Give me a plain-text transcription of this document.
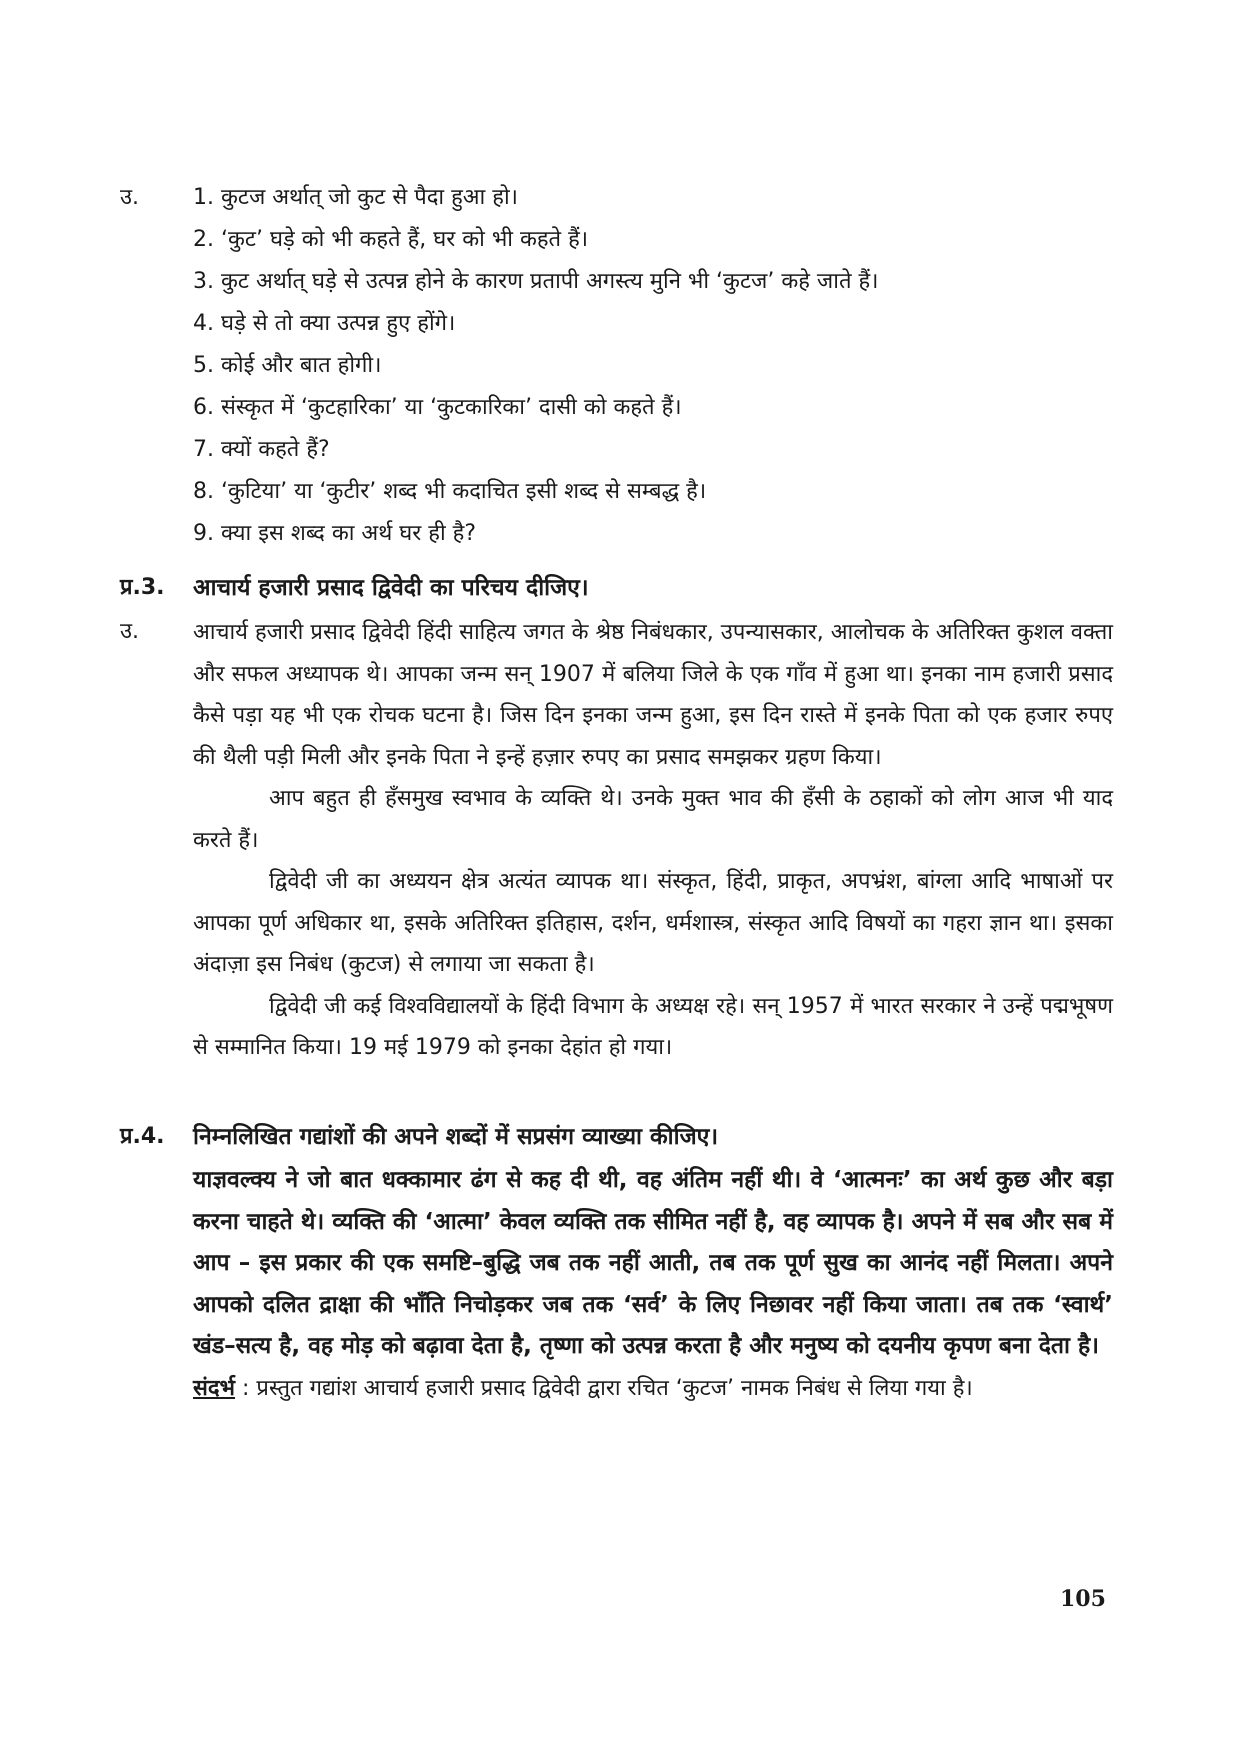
उ. 1. कुटज अर्थात् जो कुट से पैदा हुआ हो।
2. ‘कुट’ घड़े को भी कहते हैं, घर को भी कहते हैं।
3. कुट अर्थात् घड़े से उत्पन्न होने के कारण प्रतापी अगस्त्य मुनि भी ‘कुटज’ कहे जाते हैं।
4. घड़े से तो क्या उत्पन्न हुए होंगे।
5. कोई और बात होगी।
6. संस्कृत में ‘कुटहारिका’ या ‘कुटकारिका’ दासी को कहते हैं।
7. क्यों कहते हैं?
8. ‘कुटिया’ या ‘कुटीर’ शब्द भी कदाचित इसी शब्द से सम्बद्ध है।
9. क्या इस शब्द का अर्थ घर ही है?
प्र.3. आचार्य हजारी प्रसाद द्विवेदी का परिचय दीजिए।
उ. आचार्य हजारी प्रसाद द्विवेदी हिंदी साहित्य जगत के श्रेष्ठ निबंधकार, उपन्यासकार, आलोचक के अतिरिक्त कुशल वक्ता और सफल अध्यापक थे। आपका जन्म सन् 1907 में बलिया जिले के एक गाँव में हुआ था। इनका नाम हजारी प्रसाद कैसे पड़ा यह भी एक रोचक घटना है। जिस दिन इनका जन्म हुआ, इस दिन रास्ते में इनके पिता को एक हजार रुपए की थैली पड़ी मिली और इनके पिता ने इन्हें हज़ार रुपए का प्रसाद समझकर ग्रहण किया।

आप बहुत ही हँसमुख स्वभाव के व्यक्ति थे। उनके मुक्त भाव की हँसी के ठहाकों को लोग आज भी याद करते हैं।

द्विवेदी जी का अध्ययन क्षेत्र अत्यंत व्यापक था। संस्कृत, हिंदी, प्राकृत, अपभ्रंश, बांग्ला आदि भाषाओं पर आपका पूर्ण अधिकार था, इसके अतिरिक्त इतिहास, दर्शन, धर्मशास्त्र, संस्कृत आदि विषयों का गहरा ज्ञान था। इसका अंदाज़ा इस निबंध (कुटज) से लगाया जा सकता है।

द्विवेदी जी कई विश्वविद्यालयों के हिंदी विभाग के अध्यक्ष रहे। सन् 1957 में भारत सरकार ने उन्हें पद्मभूषण से सम्मानित किया। 19 मई 1979 को इनका देहांत हो गया।

प्र.4. निम्नलिखित गद्यांशों की अपने शब्दों में सप्रसंग व्याख्या कीजिए।

याज्ञवल्क्य ने जो बात धक्कामार ढंग से कह दी थी, वह अंतिम नहीं थी। वे ‘आत्मनः’ का अर्थ कुछ और बड़ा करना चाहते थे। व्यक्ति की ‘आत्मा’ केवल व्यक्ति तक सीमित नहीं है, वह व्यापक है। अपने में सब और सब में आप – इस प्रकार की एक समष्टि–बुद्धि जब तक नहीं आती, तब तक पूर्ण सुख का आनंद नहीं मिलता। अपने आपको दलित द्राक्षा की भाँति निचोड़कर जब तक ‘सर्व’ के लिए निछावर नहीं किया जाता। तब तक ‘स्वार्थ’ खंड–सत्य है, वह मोड़ को बढ़ावा देता है, तृष्णा को उत्पन्न करता है और मनुष्य को दयनीय कृपण बना देता है।

संदर्भ : प्रस्तुत गद्यांश आचार्य हजारी प्रसाद द्विवेदी द्वारा रचित ‘कुटज’ नामक निबंध से लिया गया है।

105
